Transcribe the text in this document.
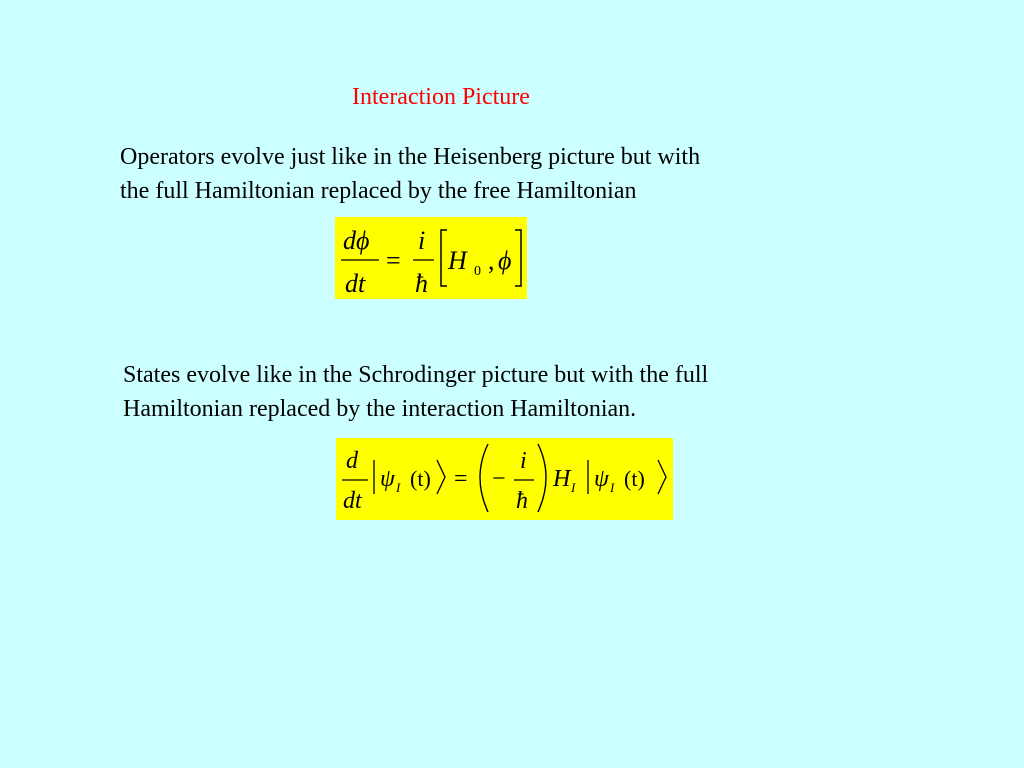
Interaction Picture
Operators evolve just like in the Heisenberg picture but with
the full Hamiltonian replaced by the free Hamiltonian
dϕ
dt
=
i
ħ
H 0 , ϕ
States evolve like in the Schrodinger picture but with the full
Hamiltonian replaced by the interaction Hamiltonian.
d
dt
ψ I (t) = −
i
ħ
H I ψ I (t)
